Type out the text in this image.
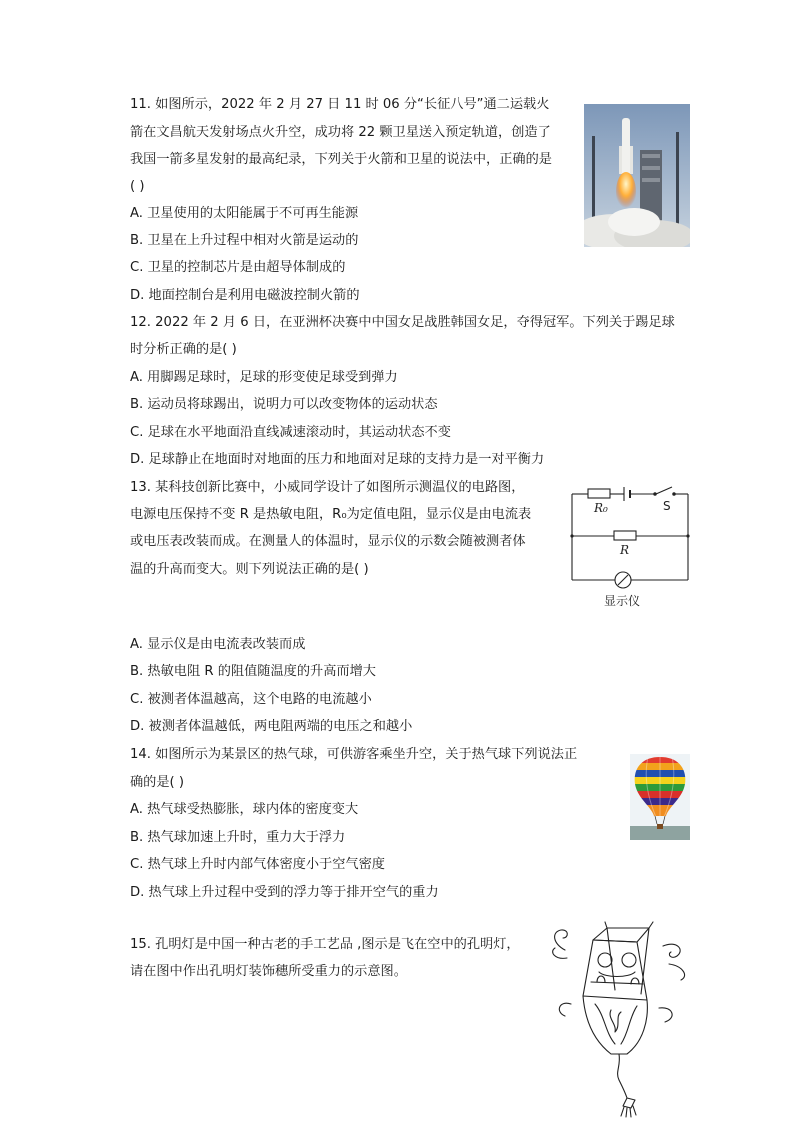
11. 如图所示，2022 年 2 月 27 日 11 时 06 分“长征八号”通二运载火
箭在文昌航天发射场点火升空，成功将 22 颗卫星送入预定轨道，创造了
我国一箭多星发射的最高纪录，下列关于火箭和卫星的说法中，正确的是
( )
A. 卫星使用的太阳能属于不可再生能源
B. 卫星在上升过程中相对火箭是运动的
C. 卫星的控制芯片是由超导体制成的
D. 地面控制台是利用电磁波控制火箭的
12. 2022 年 2 月 6 日，在亚洲杯决赛中中国女足战胜韩国女足，夺得冠军。下列关于踢足球
时分析正确的是( )
A. 用脚踢足球时，足球的形变使足球受到弹力
B. 运动员将球踢出，说明力可以改变物体的运动状态
C. 足球在水平地面沿直线减速滚动时，其运动状态不变
D. 足球静止在地面时对地面的压力和地面对足球的支持力是一对平衡力
13. 某科技创新比赛中，小威同学设计了如图所示测温仪的电路图，
电源电压保持不变 R 是热敏电阻，R₀为定值电阻，显示仪是由电流表
或电压表改装而成。在测量人的体温时，显示仪的示数会随被测者体
温的升高而变大。则下列说法正确的是( )
A. 显示仪是由电流表改装而成
B. 热敏电阻 R 的阻值随温度的升高而增大
C. 被测者体温越高，这个电路的电流越小
D. 被测者体温越低，两电阻两端的电压之和越小
R₀	S
R
显示仪
14. 如图所示为某景区的热气球，可供游客乘坐升空，关于热气球下列说法正
确的是( )
A. 热气球受热膨胀，球内体的密度变大
B. 热气球加速上升时，重力大于浮力
C. 热气球上升时内部气体密度小于空气密度
D. 热气球上升过程中受到的浮力等于排开空气的重力
15. 孔明灯是中国一种古老的手工艺品 ,图示是飞在空中的孔明灯，
请在图中作出孔明灯装饰穗所受重力的示意图。
